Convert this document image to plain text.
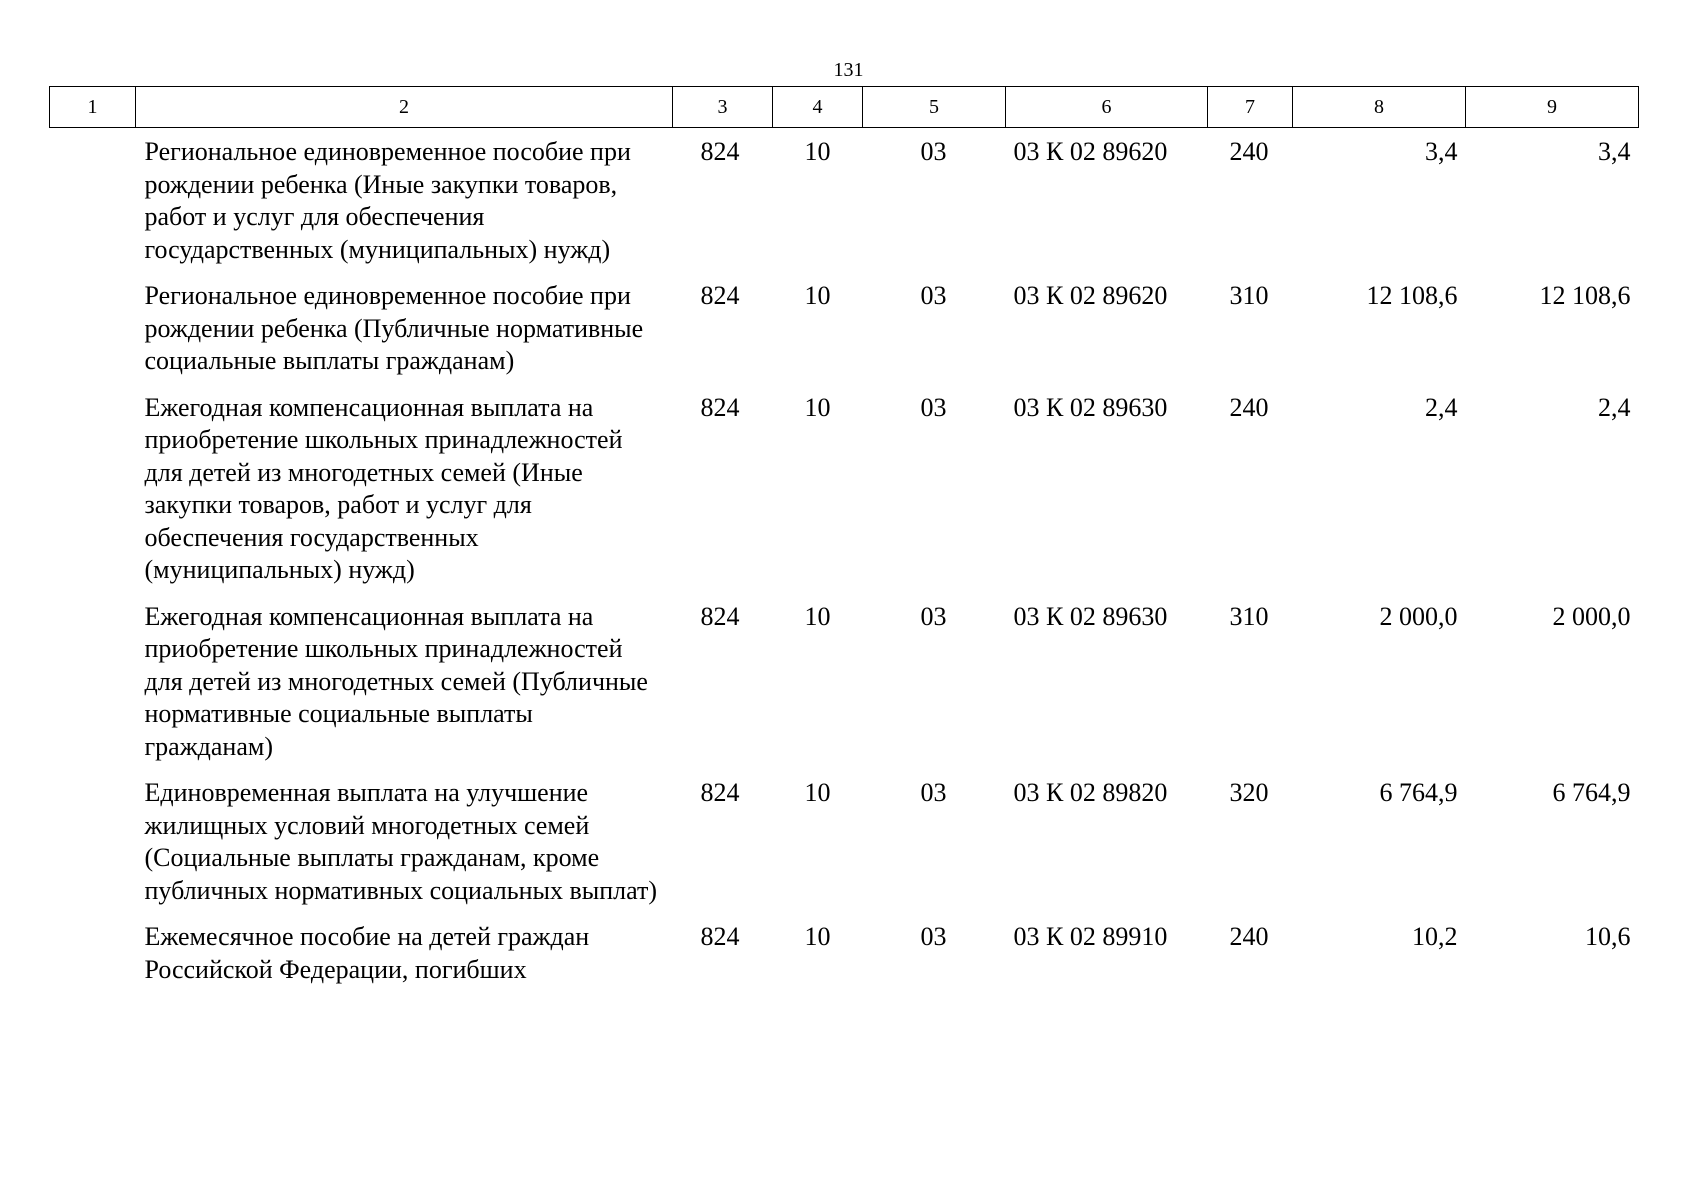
131
1	2	3	4	5	6	7	8	9
	Региональное единовременное пособие при рождении ребенка (Иные закупки товаров, работ и услуг для обеспечения государственных (муниципальных) нужд)	824	10	03	03 К 02 89620	240	3,4	3,4
	Региональное единовременное пособие при рождении ребенка (Публичные нормативные социальные выплаты гражданам)	824	10	03	03 К 02 89620	310	12 108,6	12 108,6
	Ежегодная компенсационная выплата на приобретение школьных принадлежностей для детей из многодетных семей (Иные закупки товаров, работ и услуг для обеспечения государственных (муниципальных) нужд)	824	10	03	03 К 02 89630	240	2,4	2,4
	Ежегодная компенсационная выплата на приобретение школьных принадлежностей для детей из многодетных семей (Публичные нормативные социальные выплаты гражданам)	824	10	03	03 К 02 89630	310	2 000,0	2 000,0
	Единовременная выплата на улучшение жилищных условий многодетных семей (Социальные выплаты гражданам, кроме публичных нормативных социальных выплат)	824	10	03	03 К 02 89820	320	6 764,9	6 764,9
	Ежемесячное пособие на детей граждан Российской Федерации, погибших	824	10	03	03 К 02 89910	240	10,2	10,6
